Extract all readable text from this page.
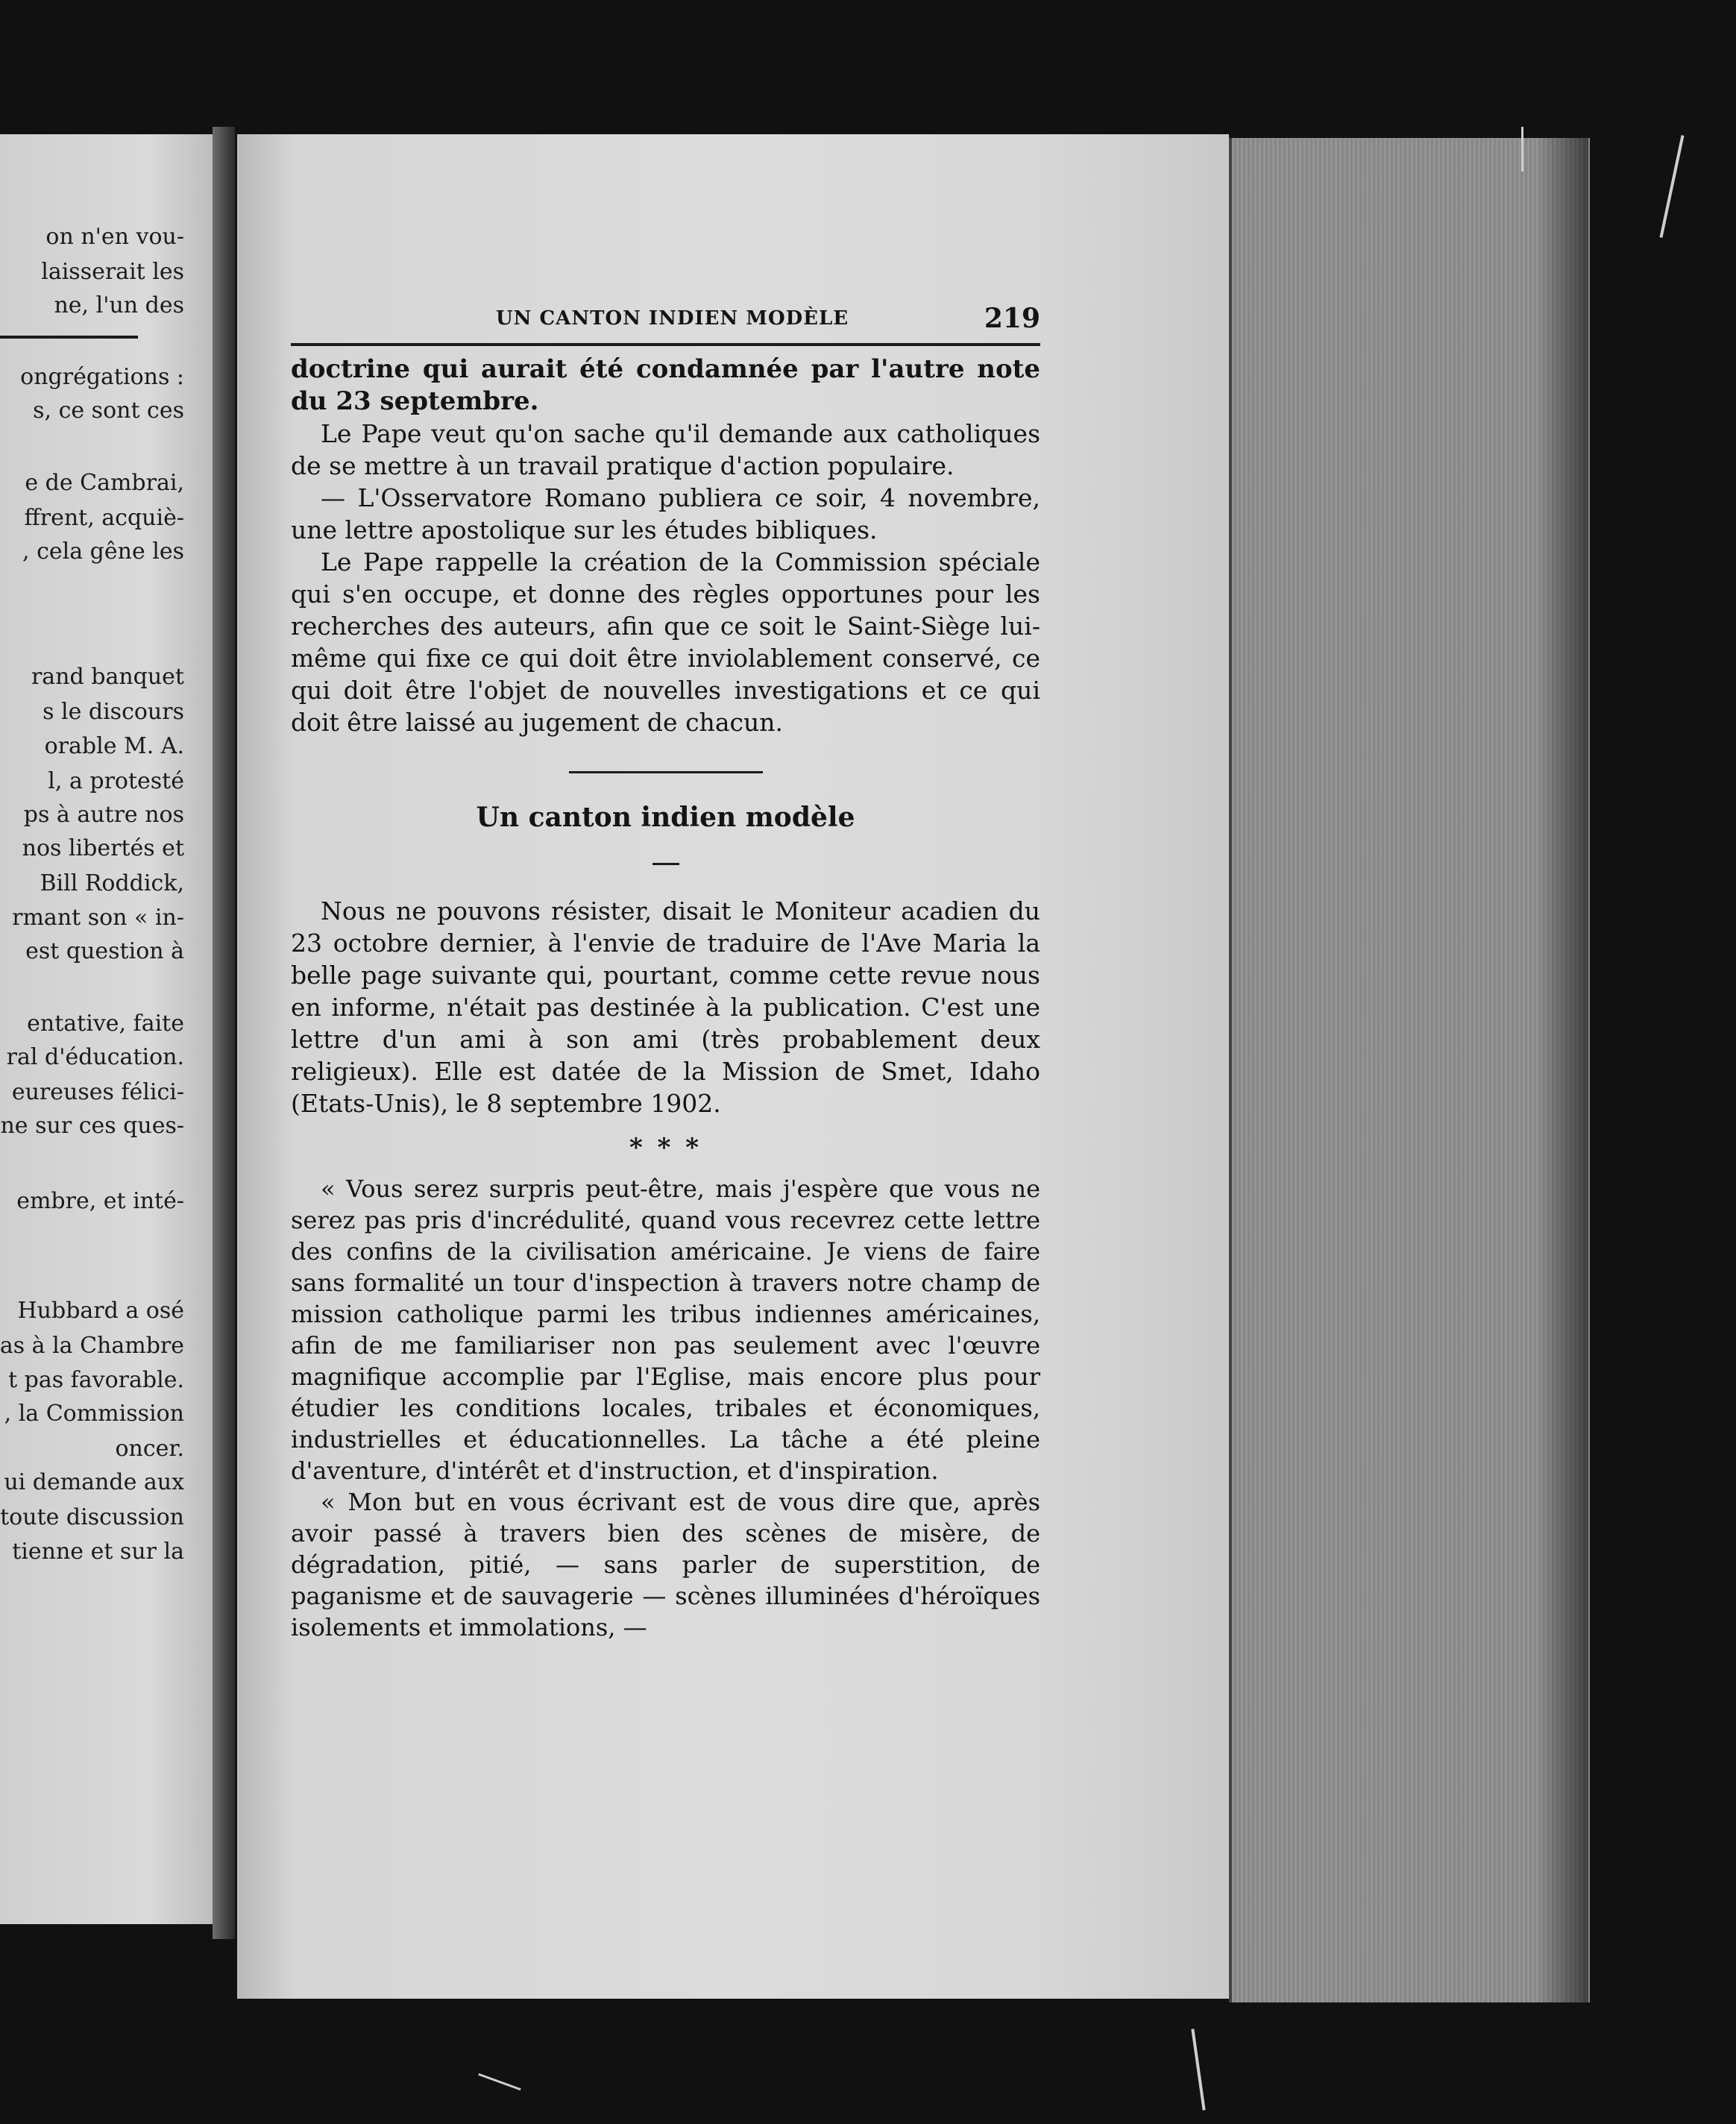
on n'en vou-
laisserait les
ne, l'un des
ongrégations :
s, ce sont ces
e de Cambrai,
ffrent, acquiè-
, cela gêne les
rand banquet
s le discours
orable M. A.
l, a protesté
ps à autre nos
nos libertés et
Bill Roddick,
rmant son « in-
est question à
entative, faite
ral d'éducation.
eureuses félici-
ne sur ces ques-
embre, et inté-
Hubbard a osé
as à la Chambre
t pas favorable.
, la Commission
oncer.
ui demande aux
toute discussion
tienne et sur la
UN CANTON INDIEN MODÈLE	219

doctrine qui aurait été condamnée par l'autre note du 23 septembre.

Le Pape veut qu'on sache qu'il demande aux catholiques de se mettre à un travail pratique d'action populaire.

— L'Osservatore Romano publiera ce soir, 4 novembre, une lettre apostolique sur les études bibliques.

Le Pape rappelle la création de la Commission spéciale qui s'en occupe, et donne des règles opportunes pour les recherches des auteurs, afin que ce soit le Saint-Siège lui-même qui fixe ce qui doit être inviolablement conservé, ce qui doit être l'objet de nouvelles investigations et ce qui doit être laissé au jugement de chacun.

Un canton indien modèle

Nous ne pouvons résister, disait le Moniteur acadien du 23 octobre dernier, à l'envie de traduire de l'Ave Maria la belle page suivante qui, pourtant, comme cette revue nous en informe, n'était pas destinée à la publication. C'est une lettre d'un ami à son ami (très probablement deux religieux). Elle est datée de la Mission de Smet, Idaho (Etats-Unis), le 8 septembre 1902.

* * *

« Vous serez surpris peut-être, mais j'espère que vous ne serez pas pris d'incrédulité, quand vous recevrez cette lettre des confins de la civilisation américaine. Je viens de faire sans formalité un tour d'inspection à travers notre champ de mission catholique parmi les tribus indiennes américaines, afin de me familiariser non pas seulement avec l'œuvre magnifique accomplie par l'Eglise, mais encore plus pour étudier les conditions locales, tribales et économiques, industrielles et éducationnelles. La tâche a été pleine d'aventure, d'intérêt et d'instruction, et d'inspiration.

« Mon but en vous écrivant est de vous dire que, après avoir passé à travers bien des scènes de misère, de dégradation, pitié, — sans parler de superstition, de paganisme et de sauvagerie — scènes illuminées d'héroïques isolements et immolations, —
